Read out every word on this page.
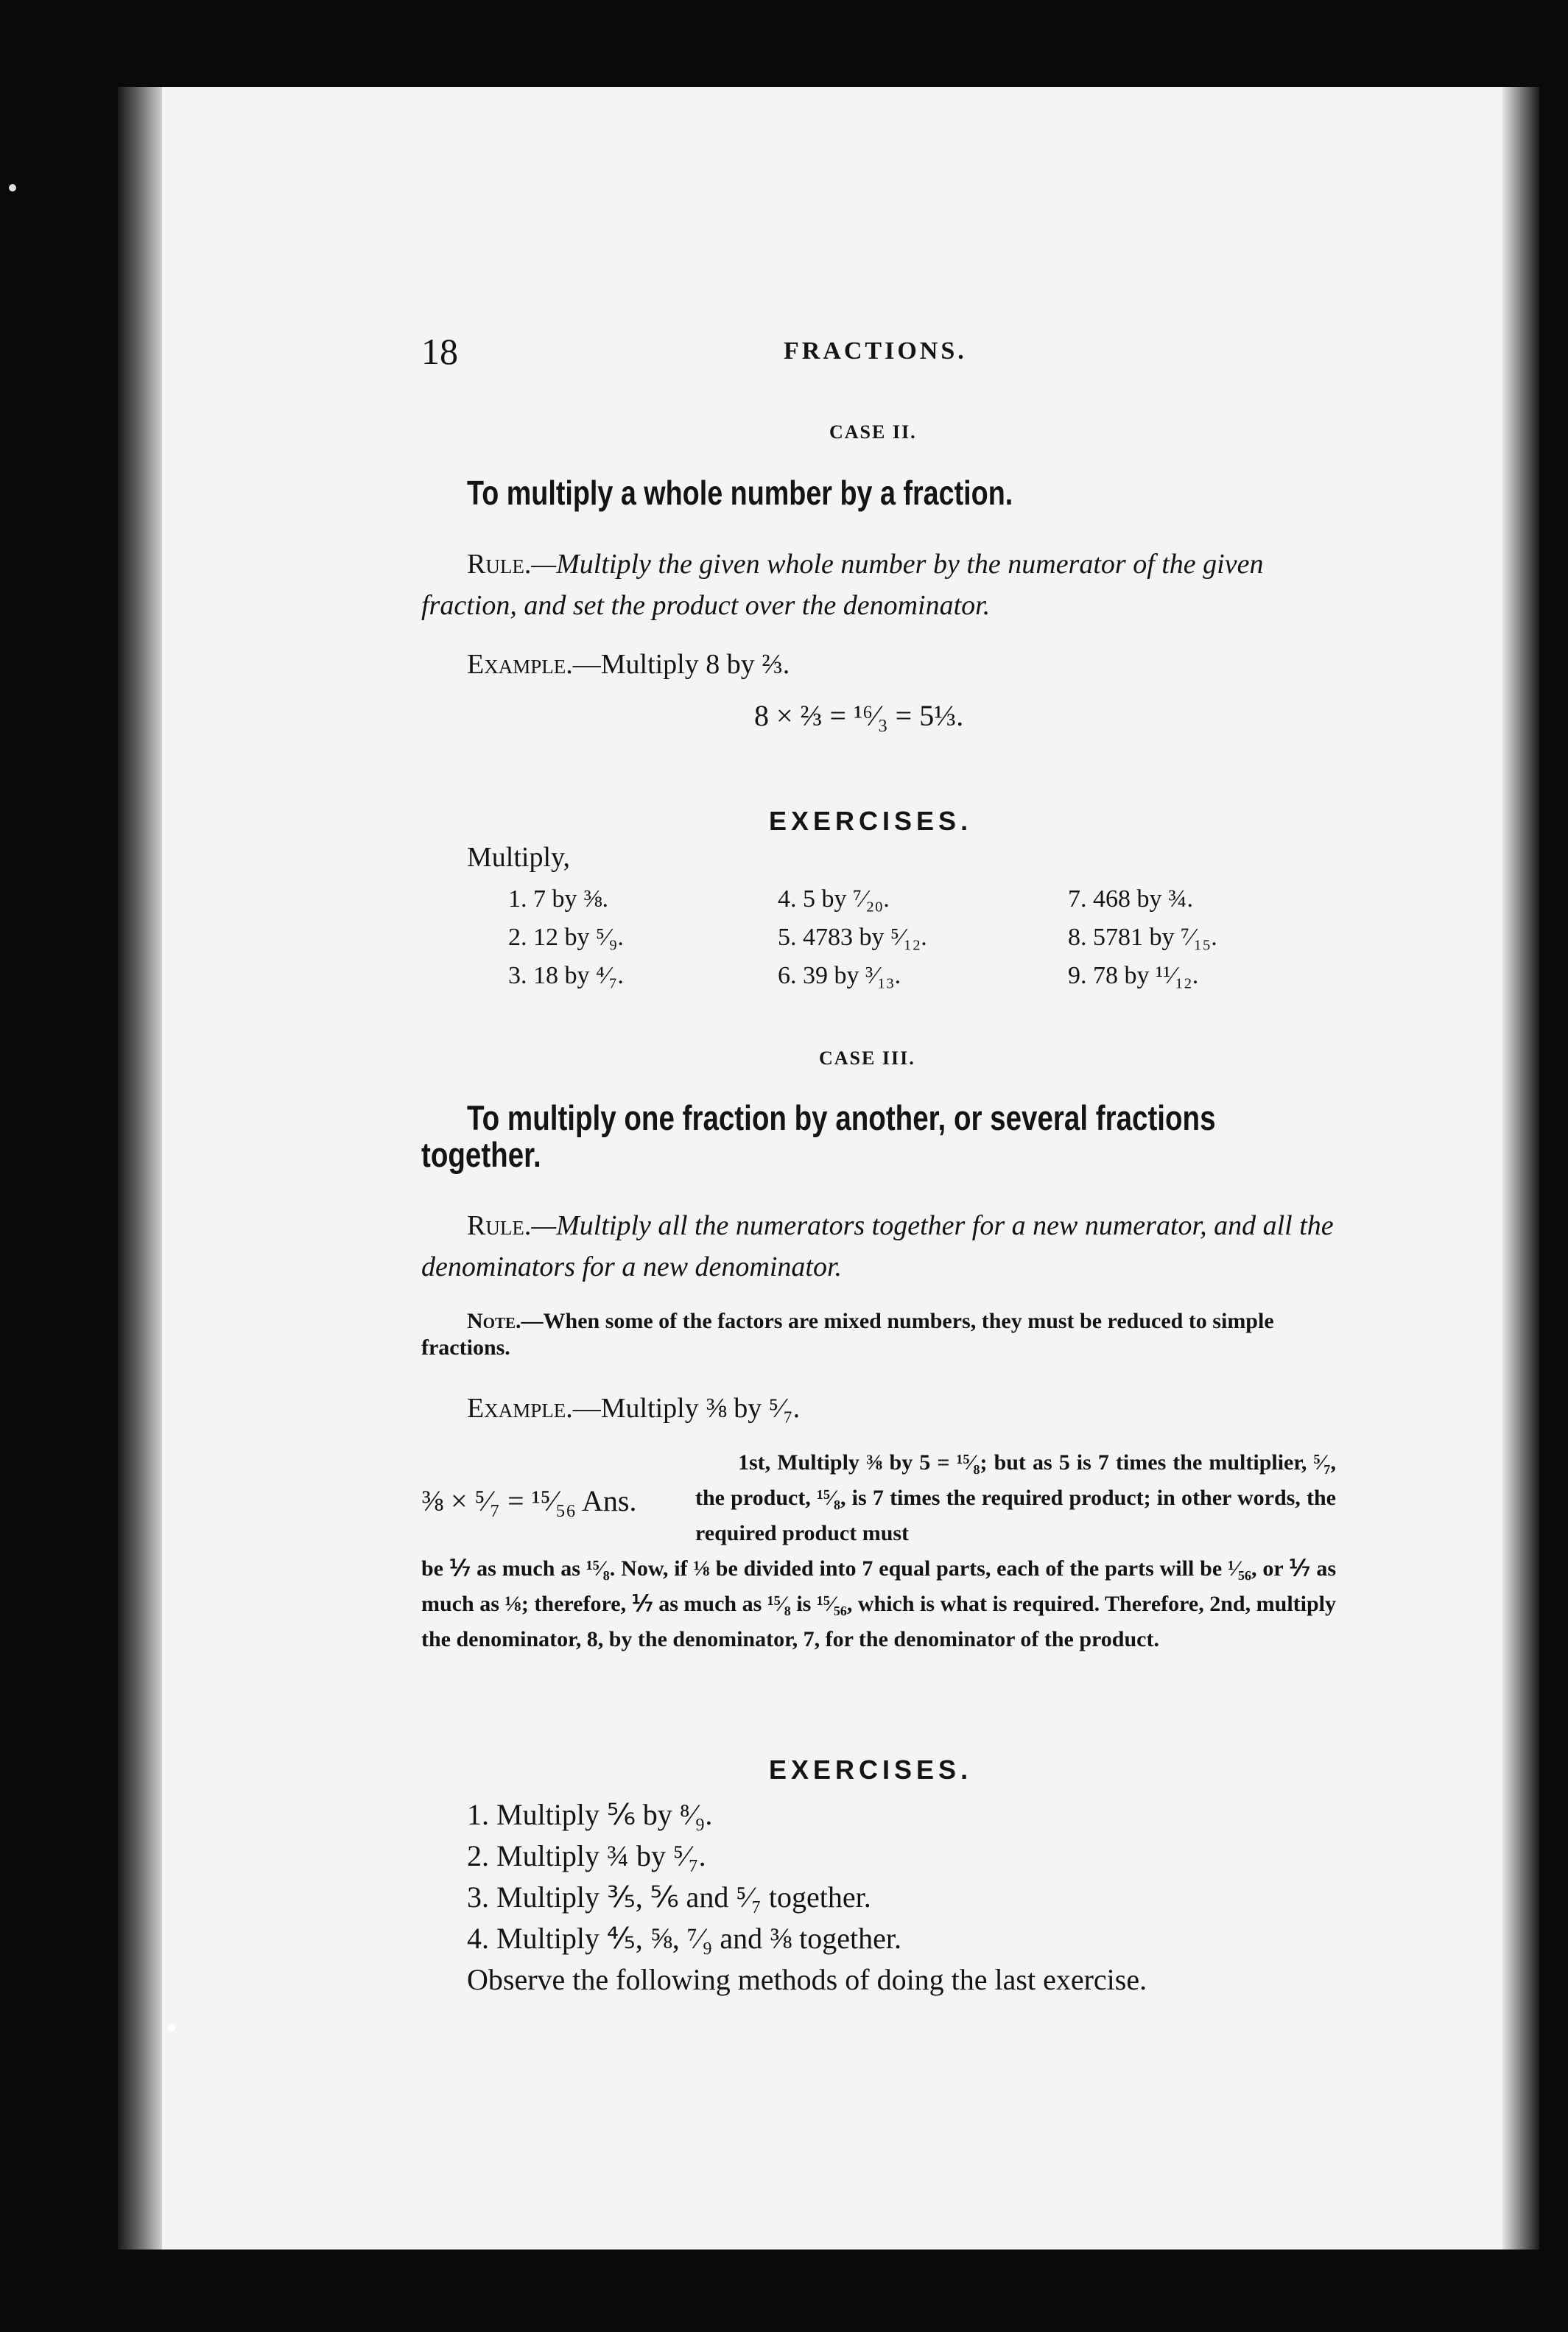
18	FRACTIONS.
CASE II.
To multiply a whole number by a fraction.
Rule.—Multiply the given whole number by the numerator of the given fraction, and set the product over the denominator.
Example.—Multiply 8 by ⅔.
8 × ⅔ = ¹⁶⁄₃ = 5⅓.
EXERCISES.
Multiply,
1. 7 by ⅜.
2. 12 by ⁵⁄₉.
3. 18 by ⁴⁄₇.
4. 5 by ⁷⁄₂₀.
5. 4783 by ⁵⁄₁₂.
6. 39 by ³⁄₁₃.
7. 468 by ¾.
8. 5781 by ⁷⁄₁₅.
9. 78 by ¹¹⁄₁₂.
CASE III.
To multiply one fraction by another, or several fractions
together.
Rule.—Multiply all the numerators together for a new numerator, and all the denominators for a new denominator.
Note.—When some of the factors are mixed numbers, they must be reduced to simple fractions.
Example.—Multiply ⅜ by ⁵⁄₇.
⅜ × ⁵⁄₇ = ¹⁵⁄₅₆ Ans.
1st, Multiply ⅜ by 5 = ¹⁵⁄₈; but as 5 is 7 times the multiplier, ⁵⁄₇, the product, ¹⁵⁄₈, is 7 times the required product; in other words, the required product must
be ⅐ as much as ¹⁵⁄₈. Now, if ⅛ be divided into 7 equal parts, each of the parts will be ¹⁄₅₆, or ⅐ as much as ⅛; therefore, ⅐ as much as ¹⁵⁄₈ is ¹⁵⁄₅₆, which is what is required. Therefore, 2nd, multiply the denominator, 8, by the denominator, 7, for the denominator of the product.
EXERCISES.
1. Multiply ⅚ by ⁸⁄₉.
2. Multiply ¾ by ⁵⁄₇.
3. Multiply ⅗, ⅚ and ⁵⁄₇ together.
4. Multiply ⅘, ⅝, ⁷⁄₉ and ⅜ together.
Observe the following methods of doing the last exercise.
